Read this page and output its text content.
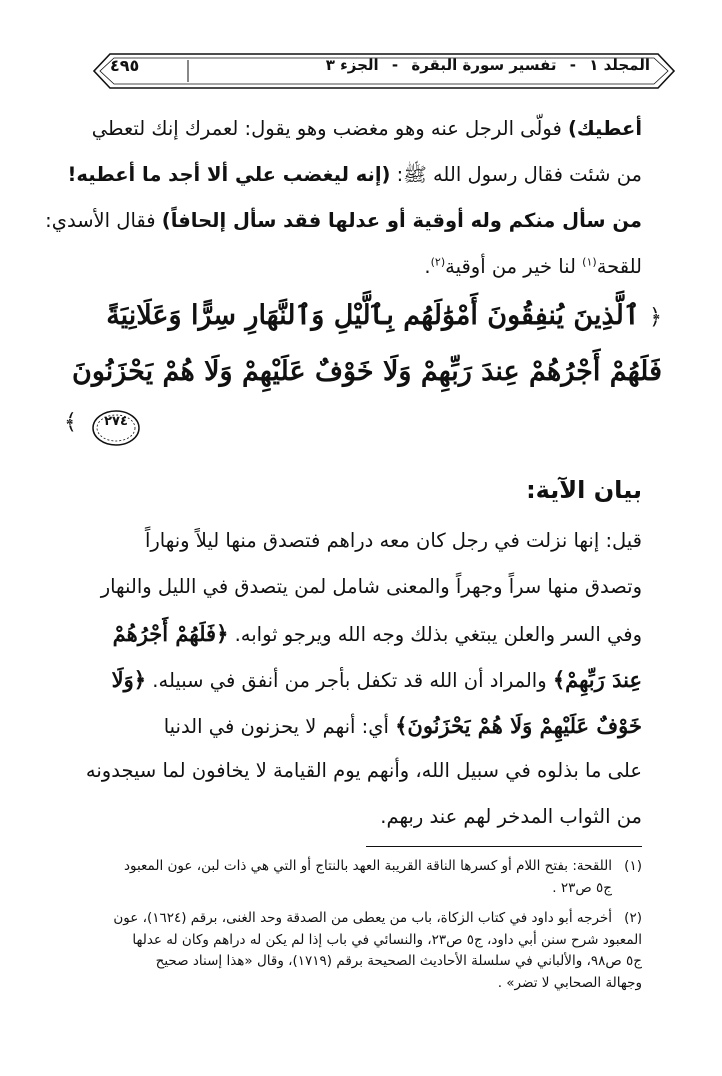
المجلد ١ - تفسير سورة البقرة - الجزء ٣
٤٩٥
أعطيك) فولّى الرجل عنه وهو مغضب وهو يقول: لعمرك إنك لتعطي
من شئت فقال رسول الله ﷺ: (إنه ليغضب علي ألا أجد ما أعطيه!
من سأل منكم وله أوقية أو عدلها فقد سأل إلحافاً) فقال الأسدي:
للقحة$^{(١)}$ لنا خير من أوقية$^{(٢)}$.
﴿ ٱلَّذِينَ يُنفِقُونَ أَمْوَٰلَهُم بِٱلَّيْلِ وَٱلنَّهَارِ سِرًّا وَعَلَانِيَةً
فَلَهُمْ أَجْرُهُمْ عِندَ رَبِّهِمْ وَلَا خَوْفٌ عَلَيْهِمْ وَلَا هُمْ يَحْزَنُونَ
٢٧٤
﴾
بيان الآية:
قيل: إنها نزلت في رجل كان معه دراهم فتصدق منها ليلاً ونهاراً
وتصدق منها سراً وجهراً والمعنى شامل لمن يتصدق في الليل والنهار
وفي السر والعلن يبتغي بذلك وجه الله ويرجو ثوابه. ﴿فَلَهُمْ أَجْرُهُمْ
عِندَ رَبِّهِمْ﴾ والمراد أن الله قد تكفل بأجر من أنفق في سبيله. ﴿وَلَا
خَوْفٌ عَلَيْهِمْ وَلَا هُمْ يَحْزَنُونَ﴾ أي: أنهم لا يحزنون في الدنيا
على ما بذلوه في سبيل الله، وأنهم يوم القيامة لا يخافون لما سيجدونه
من الثواب المدخر لهم عند ربهم.
(١)اللقحة: بفتح اللام أو كسرها الناقة القريبة العهد بالنتاج أو التي هي ذات لبن، عون المعبود
ج٥ ص٢٣ .
(٢)أخرجه أبو داود في كتاب الزكاة، باب من يعطى من الصدقة وحد الغنى، برقم (١٦٢٤)، عون
المعبود شرح سنن أبي داود، ج٥ ص٢٣، والنسائي في باب إذا لم يكن له دراهم وكان له عدلها
ج٥ ص٩٨، والألباني في سلسلة الأحاديث الصحيحة برقم (١٧١٩)، وقال «هذا إسناد صحيح
وجهالة الصحابي لا تضر» .
